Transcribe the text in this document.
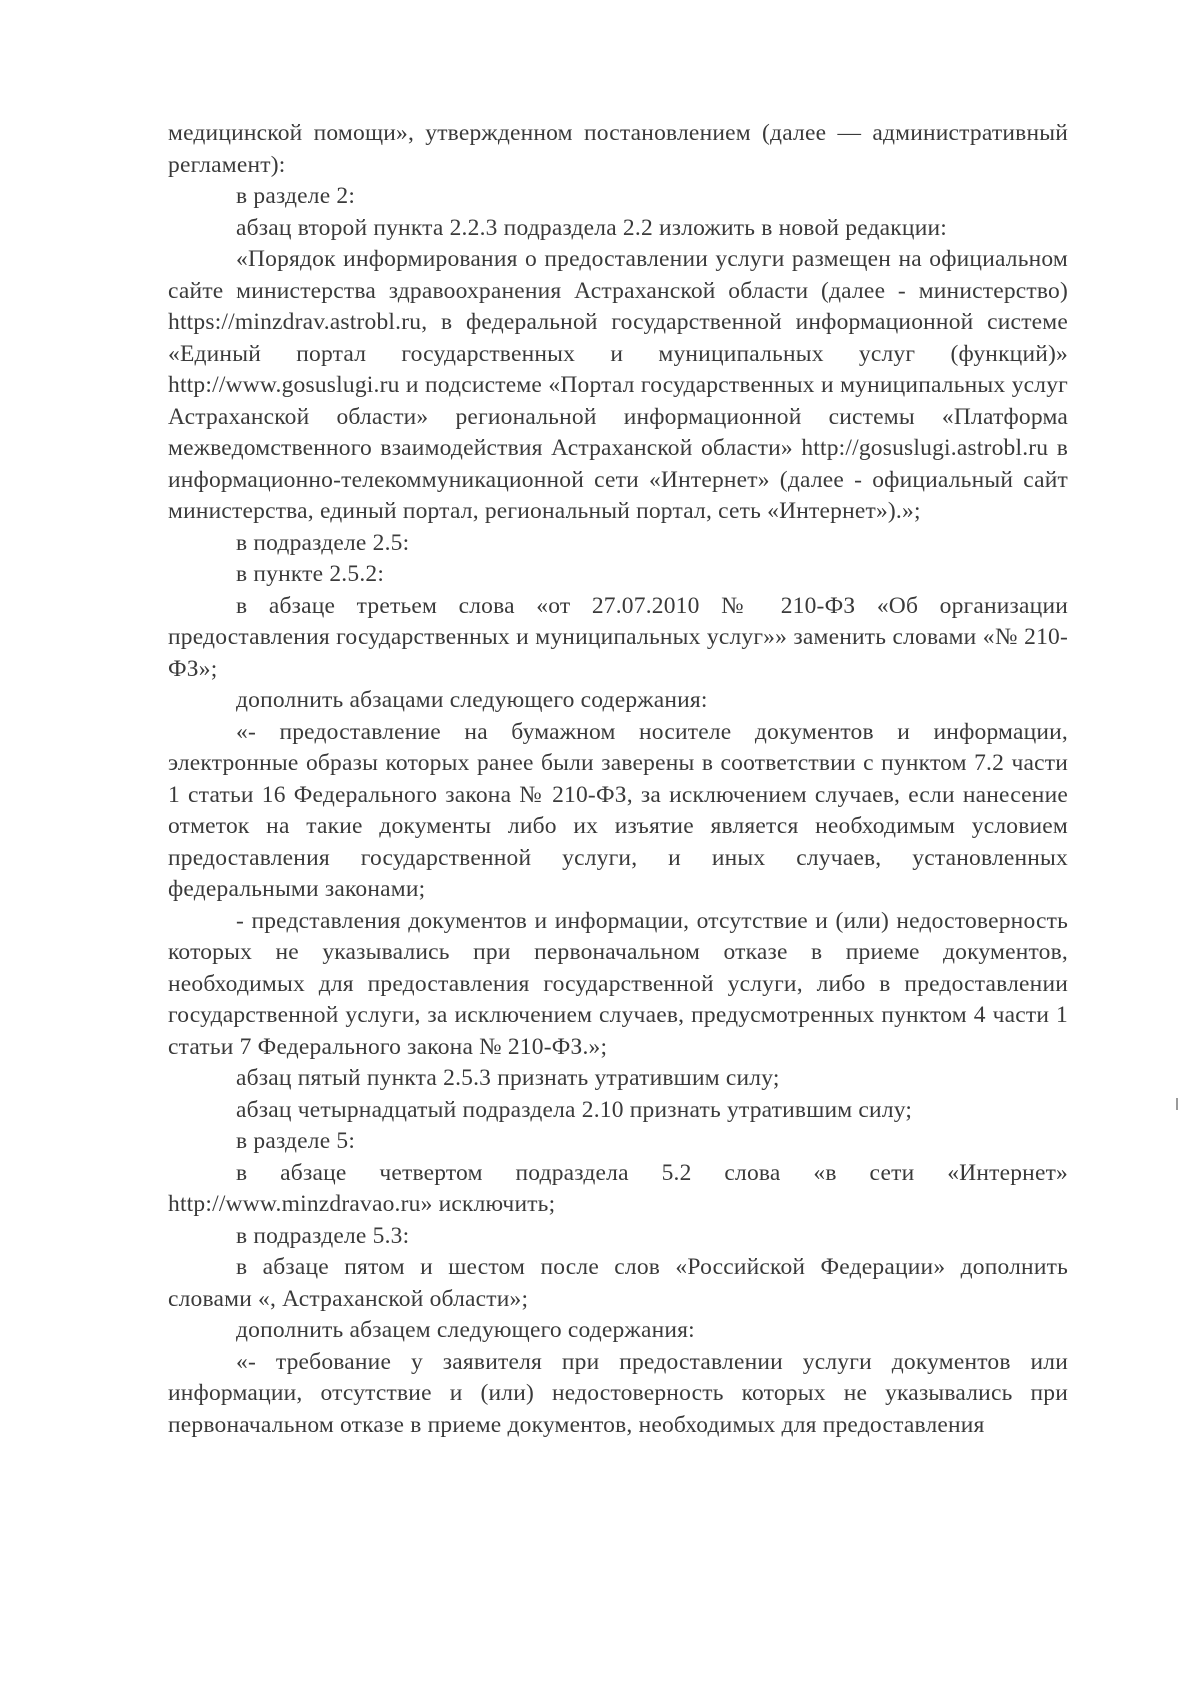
медицинской помощи», утвержденном постановлением (далее — административный регламент):

в разделе 2:

абзац второй пункта 2.2.3 подраздела 2.2 изложить в новой редакции:

«Порядок информирования о предоставлении услуги размещен на официальном сайте министерства здравоохранения Астраханской области (далее - министерство) https://minzdrav.astrobl.ru, в федеральной государственной информационной системе «Единый портал государственных и муниципальных услуг (функций)» http://www.gosuslugi.ru и подсистеме «Портал государственных и муниципальных услуг Астраханской области» региональной информационной системы «Платформа межведомственного взаимодействия Астраханской области» http://gosuslugi.astrobl.ru в информационно-телекоммуникационной сети «Интернет» (далее - официальный сайт министерства, единый портал, региональный портал, сеть «Интернет»).»;

в подразделе 2.5:

в пункте 2.5.2:

в абзаце третьем слова «от 27.07.2010 № 210-ФЗ «Об организации предоставления государственных и муниципальных услуг»» заменить словами «№ 210-ФЗ»;

дополнить абзацами следующего содержания:

«- предоставление на бумажном носителе документов и информации, электронные образы которых ранее были заверены в соответствии с пунктом 7.2 части 1 статьи 16 Федерального закона № 210-ФЗ, за исключением случаев, если нанесение отметок на такие документы либо их изъятие является необходимым условием предоставления государственной услуги, и иных случаев, установленных федеральными законами;

- представления документов и информации, отсутствие и (или) недостоверность которых не указывались при первоначальном отказе в приеме документов, необходимых для предоставления государственной услуги, либо в предоставлении государственной услуги, за исключением случаев, предусмотренных пунктом 4 части 1 статьи 7 Федерального закона № 210-ФЗ.»;

абзац пятый пункта 2.5.3 признать утратившим силу;

абзац четырнадцатый подраздела 2.10 признать утратившим силу;

в разделе 5:

в абзаце четвертом подраздела 5.2 слова «в сети «Интернет» http://www.minzdravao.ru» исключить;

в подразделе 5.3:

в абзаце пятом и шестом после слов «Российской Федерации» дополнить словами «, Астраханской области»;

дополнить абзацем следующего содержания:

«- требование у заявителя при предоставлении услуги документов или информации, отсутствие и (или) недостоверность которых не указывались при первоначальном отказе в приеме документов, необходимых для предоставления
